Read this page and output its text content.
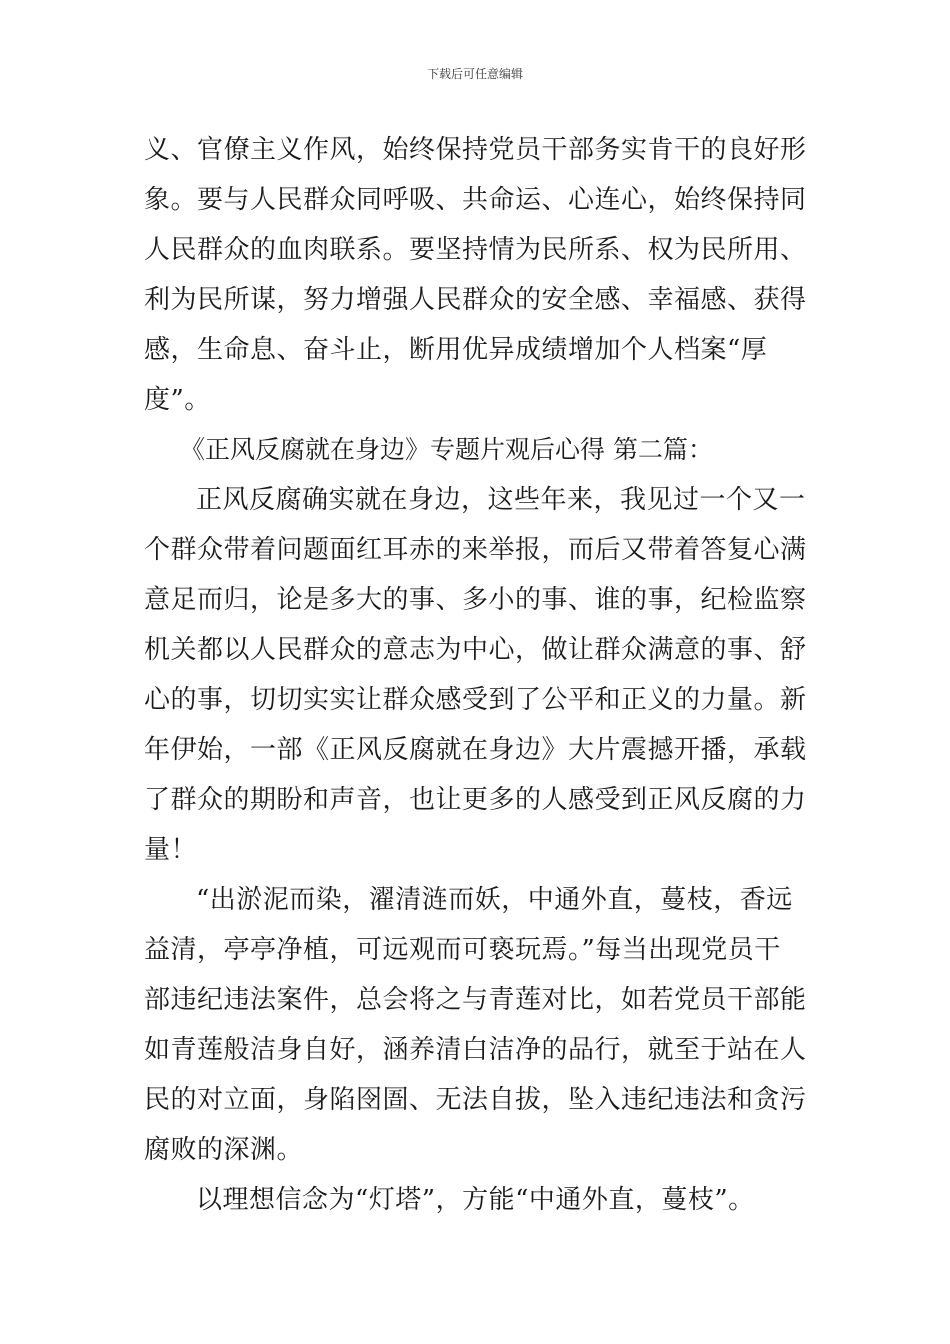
下载后可任意编辑
义、官僚主义作风，始终保持党员干部务实肯干的良好形
象。要与人民群众同呼吸、共命运、心连心，始终保持同
人民群众的血肉联系。要坚持情为民所系、权为民所用、
利为民所谋，努力增强人民群众的安全感、幸福感、获得
感，生命息、奋斗止，断用优异成绩增加个人档案“厚
度”。
《正风反腐就在身边》专题片观后心得 第二篇：
正风反腐确实就在身边，这些年来，我见过一个又一
个群众带着问题面红耳赤的来举报，而后又带着答复心满
意足而归，论是多大的事、多小的事、谁的事，纪检监察
机关都以人民群众的意志为中心，做让群众满意的事、舒
心的事，切切实实让群众感受到了公平和正义的力量。新
年伊始，一部《正风反腐就在身边》大片震撼开播，承载
了群众的期盼和声音，也让更多的人感受到正风反腐的力
量！
“出淤泥而染，濯清涟而妖，中通外直，蔓枝，香远
益清，亭亭净植，可远观而可亵玩焉。”每当出现党员干
部违纪违法案件，总会将之与青莲对比，如若党员干部能
如青莲般洁身自好，涵养清白洁净的品行，就至于站在人
民的对立面，身陷囹圄、无法自拔，坠入违纪违法和贪污
腐败的深渊。
以理想信念为“灯塔”，方能“中通外直，蔓枝”。
